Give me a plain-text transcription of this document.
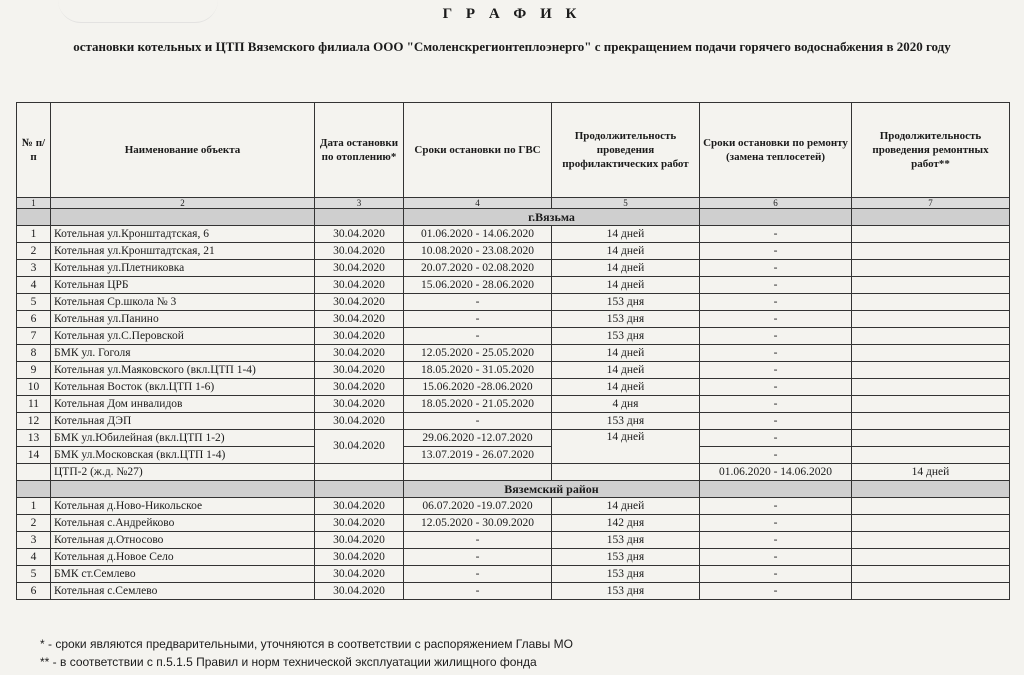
Г Р А Ф И К
остановки котельных и ЦТП Вяземского филиала ООО "Смоленскрегионтеплоэнерго" с прекращением подачи горячего водоснабжения в 2020 году
№ п/п	Наименование объекта	Дата остановки по отоплению*	Сроки остановки по ГВС	Продолжительность проведения профилактических работ	Сроки остановки по ремонту (замена теплосетей)	Продолжительность проведения ремонтных работ**
1	2	3	4	5	6	7
			г.Вязьма			
1	Котельная ул.Кронштадтская, 6	30.04.2020	01.06.2020 - 14.06.2020	14 дней	-	
2	Котельная ул.Кронштадтская, 21	30.04.2020	10.08.2020 - 23.08.2020	14 дней	-	
3	Котельная ул.Плетниковка	30.04.2020	20.07.2020 - 02.08.2020	14 дней	-	
4	Котельная ЦРБ	30.04.2020	15.06.2020 - 28.06.2020	14 дней	-	
5	Котельная Ср.школа № 3	30.04.2020	-	153 дня	-	
6	Котельная ул.Панино	30.04.2020	-	153 дня	-	
7	Котельная ул.С.Перовской	30.04.2020	-	153 дня	-	
8	БМК ул. Гоголя	30.04.2020	12.05.2020 - 25.05.2020	14 дней	-	
9	Котельная ул.Маяковского (вкл.ЦТП 1-4)	30.04.2020	18.05.2020 - 31.05.2020	14 дней	-	
10	Котельная Восток (вкл.ЦТП 1-6)	30.04.2020	15.06.2020 -28.06.2020	14 дней	-	
11	Котельная Дом инвалидов	30.04.2020	18.05.2020 - 21.05.2020	4 дня	-	
12	Котельная ДЭП	30.04.2020	-	153 дня	-	
13	БМК ул.Юбилейная (вкл.ЦТП 1-2)	30.04.2020	29.06.2020 -12.07.2020	14 дней	-	
14	БМК ул.Московская (вкл.ЦТП 1-4)		13.07.2019 - 26.07.2020		-	
	ЦТП-2 (ж.д. №27)				01.06.2020 - 14.06.2020	14 дней
			Вяземский район			
1	Котельная д.Ново-Никольское	30.04.2020	06.07.2020 -19.07.2020	14 дней	-	
2	Котельная с.Андрейково	30.04.2020	12.05.2020 - 30.09.2020	142 дня	-	
3	Котельная д.Относово	30.04.2020	-	153 дня	-	
4	Котельная д.Новое Село	30.04.2020	-	153 дня	-	
5	БМК ст.Семлево	30.04.2020	-	153 дня	-	
6	Котельная с.Семлево	30.04.2020	-	153 дня	-	
* - сроки являются предварительными, уточняются в соответствии с распоряжением Главы МО
** - в соответствии с п.5.1.5 Правил и норм технической эксплуатации жилищного фонда
